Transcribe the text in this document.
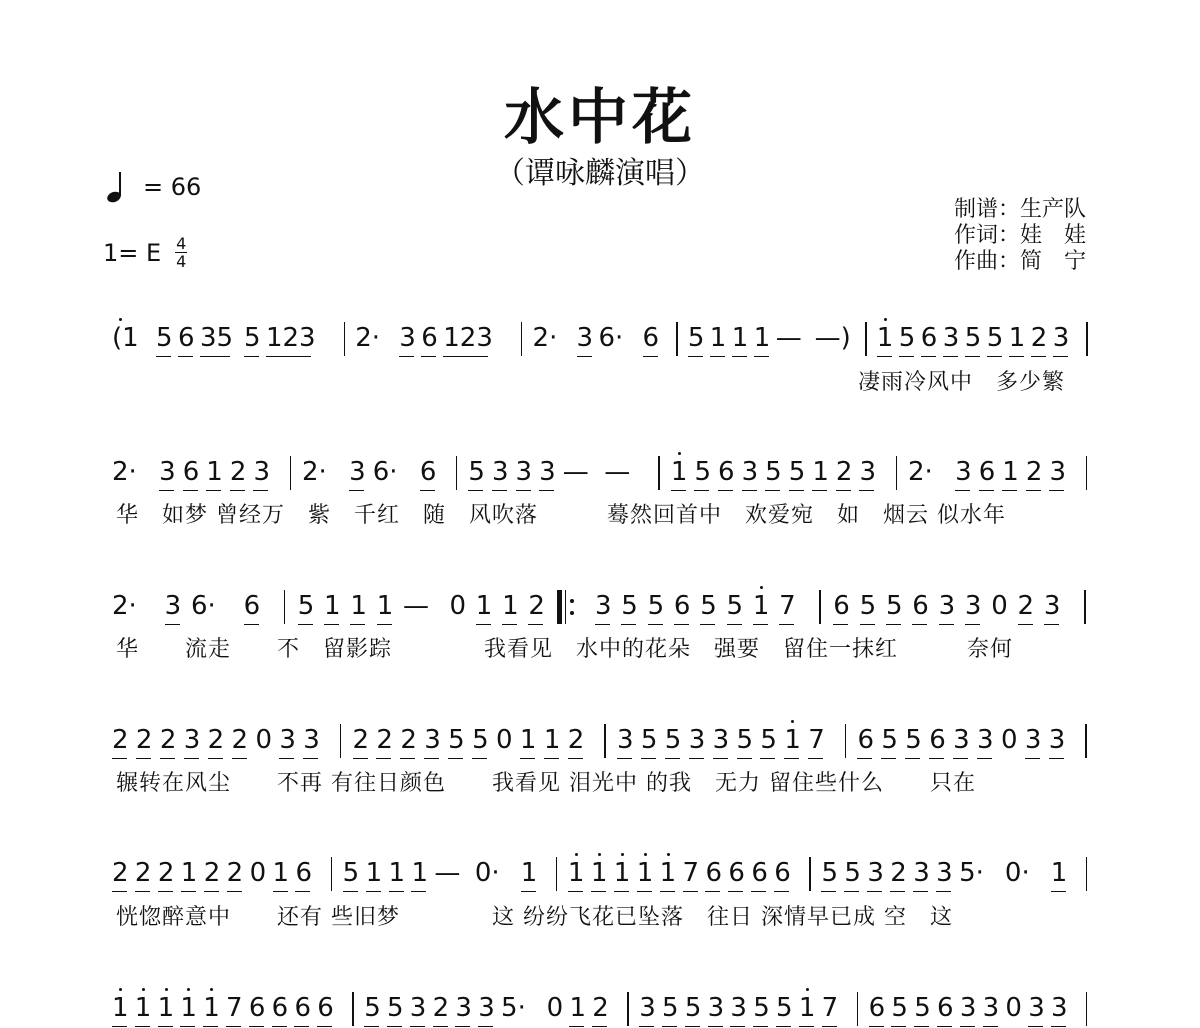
水中花
（谭咏麟演唱）
= 66
1= E 4
4
制谱：生产队
作词：娃　娃
作曲：简　宁
(1 5 6 35 5 123 2· 3 6 123 2· 3 6· 6 5 1 1 1 — —) 1 5 6 3 5 5 1 2 3
凄雨冷风中　多少繁
2· 3 6 1 2 3 2· 3 6· 6 5 3 3 3 — — 1 5 6 3 5 5 1 2 3 2· 3 6 1 2 3
华　如梦 曾经万　紫　千红　随　风吹落　　　蓦然回首中　欢爱宛　如　烟云 似水年
2· 3 6· 6 5 1 1 1 — 0 1 1 2 3 5 5 6 5 5 1 7 6 5 5 6 3 3 0 2 3
华　　流走　　不　留影踪　　　　我看见　水中的花朵　强要　留住一抹红　　　奈何
2 2 2 3 2 2 0 3 3 2 2 2 3 5 5 0 1 1 2 3 5 5 3 3 5 5 1 7 6 5 5 6 3 3 0 3 3
辗转在风尘　　不再 有往日颜色　　我看见 泪光中 的我　无力 留住些什么　　只在
2 2 2 1 2 2 0 1 6 5 1 1 1 — 0· 1 1 1 1 1 1 7 6 6 6 6 5 5 3 2 3 3 5· 0· 1
恍惚醉意中　　还有 些旧梦　　　　这 纷纷飞花已坠落　往日 深情早已成 空　这
1 1 1 1 1 7 6 6 6 6 5 5 3 2 3 3 5· 0 1 2 3 5 5 3 3 5 5 1 7 6 5 5 6 3 3 0 3 3
